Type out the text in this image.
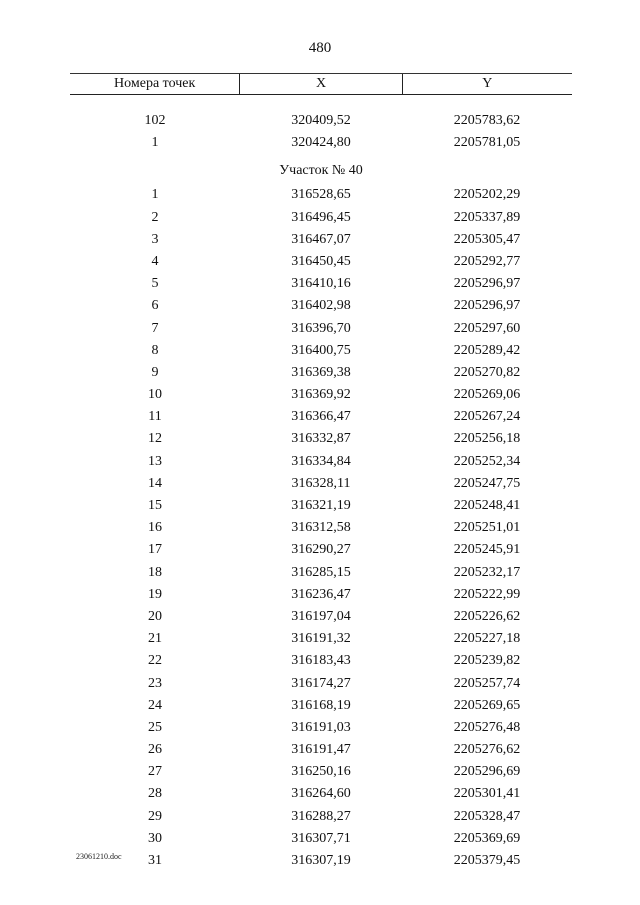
480
Номера точек	X	Y
102	320409,52	2205783,62
1	320424,80	2205781,05
Участок № 40
1	316528,65	2205202,29
2	316496,45	2205337,89
3	316467,07	2205305,47
4	316450,45	2205292,77
5	316410,16	2205296,97
6	316402,98	2205296,97
7	316396,70	2205297,60
8	316400,75	2205289,42
9	316369,38	2205270,82
10	316369,92	2205269,06
11	316366,47	2205267,24
12	316332,87	2205256,18
13	316334,84	2205252,34
14	316328,11	2205247,75
15	316321,19	2205248,41
16	316312,58	2205251,01
17	316290,27	2205245,91
18	316285,15	2205232,17
19	316236,47	2205222,99
20	316197,04	2205226,62
21	316191,32	2205227,18
22	316183,43	2205239,82
23	316174,27	2205257,74
24	316168,19	2205269,65
25	316191,03	2205276,48
26	316191,47	2205276,62
27	316250,16	2205296,69
28	316264,60	2205301,41
29	316288,27	2205328,47
30	316307,71	2205369,69
31	316307,19	2205379,45
23061210.doc
